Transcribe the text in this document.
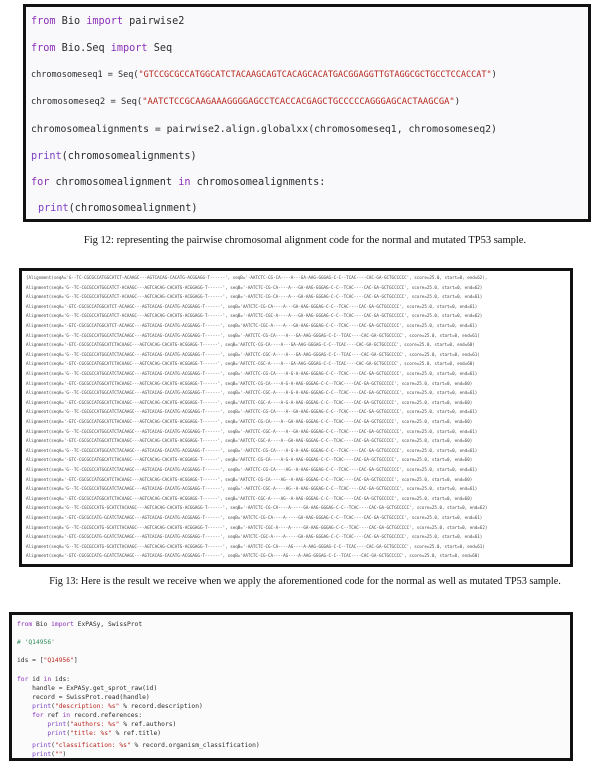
from Bio import pairwise2
from Bio.Seq import Seq
chromosomeseq1 = Seq("GTCCGCGCCATGGCATCTACAAGCAGTCACAGCACATGACGGAGGTTGTAGGCGCTGCCTCCACCAT")
chromosomeseq2 = Seq("AATCTCCGCAAGAAAGGGGAGCCTCACCACGAGCTGCCCCCAGGGAGCACTAAGCGA")
chromosomealignments = pairwise2.align.globalxx(chromosomeseq1, chromosomeseq2)
print(chromosomealignments)
for chromosomealignment in chromosomealignments:
print(chromosomealignment)
Fig 12: representing the pairwise chromosomal alignment code for the normal and mutated TP53 sample.
[Alignment(seqA='G--TC-CGCGCCATGGCATCT-ACAAGC---AGTCACAG-CACATG-ACGGAGG-T------', seqB='-AATCTC-CG-CA----A---GA-AAG-GGGAG-C-C--TCAC----CAC-GA-GCTGCCCCC', score=25.0, start=0, end=62),
Alignment(seqA='G--TC-CGCGCCATGGCATCT-ACAAGC---AGTCACAG-CACATG-ACGGAGG-T------', seqB='-AATCTC-CG-CA----A---GA-AAG-GGGAG-C-C--TCAC----CAC-GA-GCTGCCCCC', score=25.0, start=0, end=62)
Alignment(seqA='G--TC-CGCGCCATGGCATCT-ACAAGC---AGTCACAG-CACATG-ACGGAGG-T------', seqB='-AATCTC-CG-CA----A---GA-AAG-GGGAG-C-C--TCAC----CAC-GA-GCTGCCCCC', score=25.0, start=0, end=61)
Alignment(seqA='-GTC-CGCGCCATGGCATCT-ACAAGC---AGTCACAG-CACATG-ACGGAGG-T------', seqB='AATCTC-CG-CA----A---GA-AAG-GGGAG-C-C--TCAC----CAC-GA-GCTGCCCCC', score=25.0, start=0, end=61)
Alignment(seqA='G--TC-CGCGCCATGGCATCT-ACAAGC---AGTCACAG-CACATG-ACGGAGG-T------', seqB='-AATCTC-CGC-A----A---GA-AAG-GGGAG-C-C--TCAC----CAC-GA-GCTGCCCCC', score=25.0, start=0, end=62)
Alignment(seqA='-GTC-CGCGCCATGGCATCT-ACAAGC---AGTCACAG-CACATG-ACGGAGG-T------', seqB='AATCTC-CGC-A----A---GA-AAG-GGGAG-C-C--TCAC----CAC-GA-GCTGCCCCC', score=25.0, start=0, end=61)
Alignment(seqA='G--TC-CGCGCCATGGCATCTACAAGC---AGTCACAG-CACATG-ACGGAGG-T------', seqB='-AATCTC-CG-CA----A---GA-AAG-GGGAG-C-C--TCAC----CAC-GA-GCTGCCCCC', score=25.0, start=0, end=61)
Alignment(seqA='-GTC-CGCGCCATGGCATCTACAAGC---AGTCACAG-CACATG-ACGGAGG-T------', seqB='AATCTC-CG-CA----A---GA-AAG-GGGAG-C-C--TCAC----CAC-GA-GCTGCCCCC', score=25.0, start=0, end=60)
Alignment(seqA='G--TC-CGCGCCATGGCATCTACAAGC---AGTCACAG-CACATG-ACGGAGG-T------', seqB='-AATCTC-CGC-A----A---GA-AAG-GGGAG-C-C--TCAC----CAC-GA-GCTGCCCCC', score=25.0, start=0, end=61)
Alignment(seqA='-GTC-CGCGCCATGGCATCTACAAGC---AGTCACAG-CACATG-ACGGAGG-T------', seqB='AATCTC-CGC-A----A---GA-AAG-GGGAG-C-C--TCAC----CAC-GA-GCTGCCCCC', score=25.0, start=0, end=60)
Alignment(seqA='G--TC-CGCGCCATGGCATCTACAAGC---AGTCACAG-CACATG-ACGGAGG-T------', seqB='-AATCTC-CG-CA----A-G-A-AAG-GGGAG-C-C--TCAC----CAC-GA-GCTGCCCCC', score=25.0, start=0, end=61)
Alignment(seqA='-GTC-CGCGCCATGGCATCTACAAGC---AGTCACAG-CACATG-ACGGAGG-T------', seqB='AATCTC-CG-CA----A-G-A-AAG-GGGAG-C-C--TCAC----CAC-GA-GCTGCCCCC', score=25.0, start=0, end=60)
Alignment(seqA='G--TC-CGCGCCATGGCATCTACAAGC---AGTCACAG-CACATG-ACGGAGG-T------', seqB='-AATCTC-CGC-A----A-G-A-AAG-GGGAG-C-C--TCAC----CAC-GA-GCTGCCCCC', score=25.0, start=0, end=61)
Alignment(seqA='-GTC-CGCGCCATGGCATCTACAAGC---AGTCACAG-CACATG-ACGGAGG-T------', seqB='AATCTC-CGC-A----A-G-A-AAG-GGGAG-C-C--TCAC----CAC-GA-GCTGCCCCC', score=25.0, start=0, end=60)
Alignment(seqA='G--TC-CGCGCCATGGCATCTACAAGC---AGTCACAG-CACATG-ACGGAGG-T------', seqB='-AATCTC-CG-CA----A--GA-AAG-GGGAG-C-C--TCAC----CAC-GA-GCTGCCCCC', score=25.0, start=0, end=61)
Alignment(seqA='-GTC-CGCGCCATGGCATCTACAAGC---AGTCACAG-CACATG-ACGGAGG-T------', seqB='AATCTC-CG-CA----A--GA-AAG-GGGAG-C-C--TCAC----CAC-GA-GCTGCCCCC', score=25.0, start=0, end=60)
Alignment(seqA='G--TC-CGCGCCATGGCATCTACAAGC---AGTCACAG-CACATG-ACGGAGG-T------', seqB='-AATCTC-CGC-A----A--GA-AAG-GGGAG-C-C--TCAC----CAC-GA-GCTGCCCCC', score=25.0, start=0, end=61)
Alignment(seqA='-GTC-CGCGCCATGGCATCTACAAGC---AGTCACAG-CACATG-ACGGAGG-T------', seqB='AATCTC-CGC-A----A--GA-AAG-GGGAG-C-C--TCAC----CAC-GA-GCTGCCCCC', score=25.0, start=0, end=60)
Alignment(seqA='G--TC-CGCGCCATGGCATCTACAAGC---AGTCACAG-CACATG-ACGGAGG-T------', seqB='-AATCTC-CG-CA----A-G-A-AAG-GGGAG-C-C--TCAC----CAC-GA-GCTGCCCCC', score=25.0, start=0, end=61)
Alignment(seqA='-GTC-CGCGCCATGGCATCTACAAGC---AGTCACAG-CACATG-ACGGAGG-T------', seqB='AATCTC-CG-CA----A-G-A-AAG-GGGAG-C-C--TCAC----CAC-GA-GCTGCCCCC', score=25.0, start=0, end=60)
Alignment(seqA='G--TC-CGCGCCATGGCATCTACAAGC---AGTCACAG-CACATG-ACGGAGG-T------', seqB='-AATCTC-CG-CA----AG--A-AAG-GGGAG-C-C--TCAC----CAC-GA-GCTGCCCCC', score=25.0, start=0, end=61)
Alignment(seqA='-GTC-CGCGCCATGGCATCTACAAGC---AGTCACAG-CACATG-ACGGAGG-T------', seqB='AATCTC-CG-CA----AG--A-AAG-GGGAG-C-C--TCAC----CAC-GA-GCTGCCCCC', score=25.0, start=0, end=60)
Alignment(seqA='G--TC-CGCGCCATGGCATCTACAAGC---AGTCACAG-CACATG-ACGGAGG-T------', seqB='-AATCTC-CGC-A----AG--A-AAG-GGGAG-C-C--TCAC----CAC-GA-GCTGCCCCC', score=25.0, start=0, end=61)
Alignment(seqA='-GTC-CGCGCCATGGCATCTACAAGC---AGTCACAG-CACATG-ACGGAGG-T------', seqB='AATCTC-CGC-A----AG--A-AAG-GGGAG-C-C--TCAC----CAC-GA-GCTGCCCCC', score=25.0, start=0, end=60)
Alignment(seqA='G--TC-CGCGCCATG-GCATCTACAAGC---AGTCACAG-CACATG-ACGGAGG-T------', seqB='-AATCTC-CG-CA----A-----GA-AAG-GGGAG-C-C--TCAC----CAC-GA-GCTGCCCCC', score=25.0, start=0, end=62)
Alignment(seqA='-GTC-CGCGCCATG-GCATCTACAAGC---AGTCACAG-CACATG-ACGGAGG-T------', seqB='AATCTC-CG-CA----A-----GA-AAG-GGGAG-C-C--TCAC----CAC-GA-GCTGCCCCC', score=25.0, start=0, end=61)
Alignment(seqA='G--TC-CGCGCCATG-GCATCTACAAGC---AGTCACAG-CACATG-ACGGAGG-T------', seqB='-AATCTC-CGC-A----A-----GA-AAG-GGGAG-C-C--TCAC----CAC-GA-GCTGCCCCC', score=25.0, start=0, end=62)
Alignment(seqA='-GTC-CGCGCCATG-GCATCTACAAGC---AGTCACAG-CACATG-ACGGAGG-T------', seqB='AATCTC-CGC-A----A-----GA-AAG-GGGAG-C-C--TCAC----CAC-GA-GCTGCCCCC', score=25.0, start=0, end=61)
Alignment(seqA='G--TC-CGCGCCATG-GCATCTACAAGC---AGTCACAG-CACATG-ACGGAGG-T------', seqB='-AATCTC-CG-CA----AG----A-AAG-GGGAG-C-C--TCAC----CAC-GA-GCTGCCCCC', score=25.0, start=0, end=61)
Alignment(seqA='-GTC-CGCGCCATG-GCATCTACAAGC---AGTCACAG-CACATG-ACGGAGG-T------', seqB='AATCTC-CG-CA----AG----A-AAG-GGGAG-C-C--TCAC----CAC-GA-GCTGCCCCC', score=25.0, start=0, end=60)
Fig 13: Here is the result we receive when we apply the aforementioned code for the normal as well as mutated TP53 sample.
from Bio import ExPASy, SwissProt
# 'Q14956'
ids = ["Q14956"]
for id in ids:
handle = ExPASy.get_sprot_raw(id)
record = SwissProt.read(handle)
print("description: %s" % record.description)
for ref in record.references:
print("authors: %s" % ref.authors)
print("title: %s" % ref.title)
print("classification: %s" % record.organism_classification)
print("")
